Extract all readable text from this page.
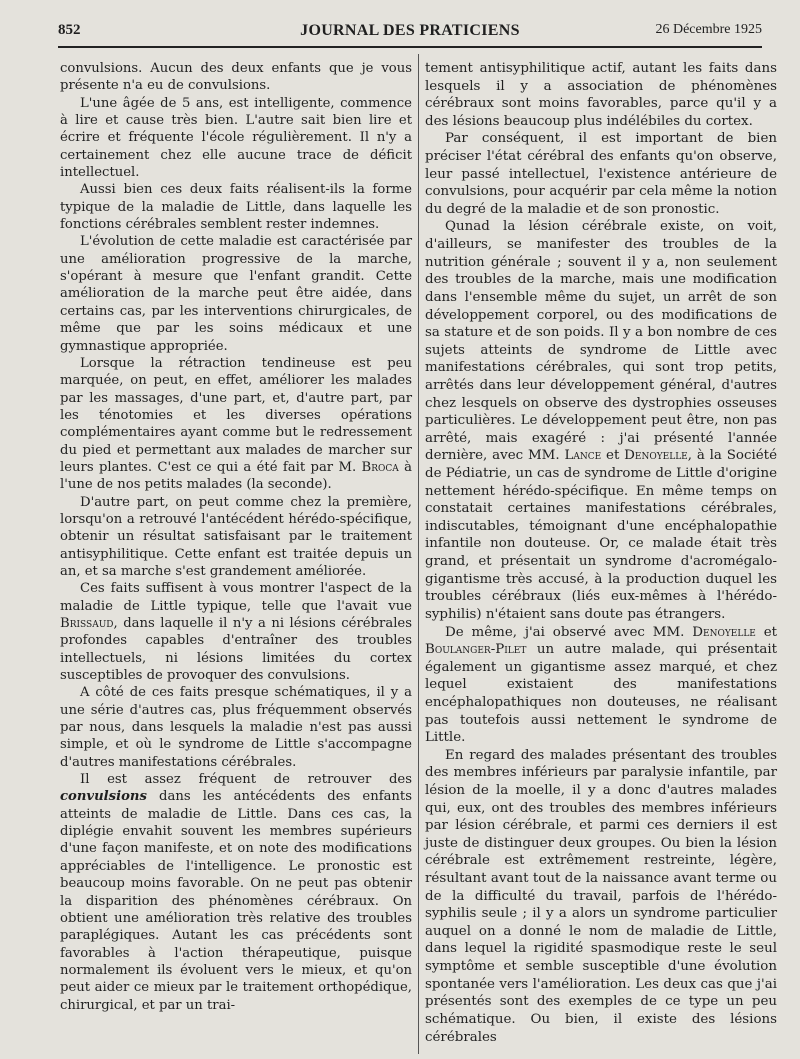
852	JOURNAL DES PRATICIENS	26 Décembre 1925

convulsions. Aucun des deux enfants que je vous présente n'a eu de convulsions.

L'une âgée de 5 ans, est intelligente, commence à lire et cause très bien. L'autre sait bien lire et écrire et fréquente l'école régulièrement. Il n'y a certainement chez elle aucune trace de déficit intellectuel.

Aussi bien ces deux faits réalisent-ils la forme typique de la maladie de Little, dans laquelle les fonctions cérébrales semblent rester indemnes.

L'évolution de cette maladie est caractérisée par une amélioration progressive de la marche, s'opérant à mesure que l'enfant grandit. Cette amélioration de la marche peut être aidée, dans certains cas, par les interventions chirurgicales, de même que par les soins médicaux et une gymnastique appropriée.

Lorsque la rétraction tendineuse est peu marquée, on peut, en effet, améliorer les malades par les massages, d'une part, et, d'autre part, par les ténotomies et les diverses opérations complémentaires ayant comme but le redressement du pied et permettant aux malades de marcher sur leurs plantes. C'est ce qui a été fait par M. Broca à l'une de nos petits malades (la seconde).

D'autre part, on peut comme chez la première, lorsqu'on a retrouvé l'antécédent hérédo-spécifique, obtenir un résultat satisfaisant par le traitement antisyphilitique. Cette enfant est traitée depuis un an, et sa marche s'est grandement améliorée.

Ces faits suffisent à vous montrer l'aspect de la maladie de Little typique, telle que l'avait vue Brissaud, dans laquelle il n'y a ni lésions cérébrales profondes capables d'entraîner des troubles intellectuels, ni lésions limitées du cortex susceptibles de provoquer des convulsions.

A côté de ces faits presque schématiques, il y a une série d'autres cas, plus fréquemment observés par nous, dans lesquels la maladie n'est pas aussi simple, et où le syndrome de Little s'accompagne d'autres manifestations cérébrales.

Il est assez fréquent de retrouver des convulsions dans les antécédents des enfants atteints de maladie de Little. Dans ces cas, la diplégie envahit souvent les membres supérieurs d'une façon manifeste, et on note des modifications appréciables de l'intelligence. Le pronostic est beaucoup moins favorable. On ne peut pas obtenir la disparition des phénomènes cérébraux. On obtient une amélioration très relative des troubles paraplégiques. Autant les cas précédents sont favorables à l'action thérapeutique, puisque normalement ils évoluent vers le mieux, et qu'on peut aider ce mieux par le traitement orthopédique, chirurgical, et par un trai-

tement antisyphilitique actif, autant les faits dans lesquels il y a association de phénomènes cérébraux sont moins favorables, parce qu'il y a des lésions beaucoup plus indélébiles du cortex.

Par conséquent, il est important de bien préciser l'état cérébral des enfants qu'on observe, leur passé intellectuel, l'existence antérieure de convulsions, pour acquérir par cela même la notion du degré de la maladie et de son pronostic.

Qunad la lésion cérébrale existe, on voit, d'ailleurs, se manifester des troubles de la nutrition générale ; souvent il y a, non seulement des troubles de la marche, mais une modification dans l'ensemble même du sujet, un arrêt de son développement corporel, ou des modifications de sa stature et de son poids. Il y a bon nombre de ces sujets atteints de syndrome de Little avec manifestations cérébrales, qui sont trop petits, arrêtés dans leur développement général, d'autres chez lesquels on observe des dystrophies osseuses particulières. Le développement peut être, non pas arrêté, mais exagéré : j'ai présenté l'année dernière, avec MM. Lance et Denoyelle, à la Société de Pédiatrie, un cas de syndrome de Little d'origine nettement hérédo-spécifique. En même temps on constatait certaines manifestations cérébrales, indiscutables, témoignant d'une encéphalopathie infantile non douteuse. Or, ce malade était très grand, et présentait un syndrome d'acromégalo-gigantisme très accusé, à la production duquel les troubles cérébraux (liés eux-mêmes à l'hérédo-syphilis) n'étaient sans doute pas étrangers.

De même, j'ai observé avec MM. Denoyelle et Boulanger-Pilet un autre malade, qui présentait également un gigantisme assez marqué, et chez lequel existaient des manifestations encéphalopathiques non douteuses, ne réalisant pas toutefois aussi nettement le syndrome de Little.

En regard des malades présentant des troubles des membres inférieurs par paralysie infantile, par lésion de la moelle, il y a donc d'autres malades qui, eux, ont des troubles des membres inférieurs par lésion cérébrale, et parmi ces derniers il est juste de distinguer deux groupes. Ou bien la lésion cérébrale est extrêmement restreinte, légère, résultant avant tout de la naissance avant terme ou de la difficulté du travail, parfois de l'hérédo-syphilis seule ; il y a alors un syndrome particulier auquel on a donné le nom de maladie de Little, dans lequel la rigidité spasmodique reste le seul symptôme et semble susceptible d'une évolution spontanée vers l'amélioration. Les deux cas que j'ai présentés sont des exemples de ce type un peu schématique. Ou bien, il existe des lésions cérébrales
